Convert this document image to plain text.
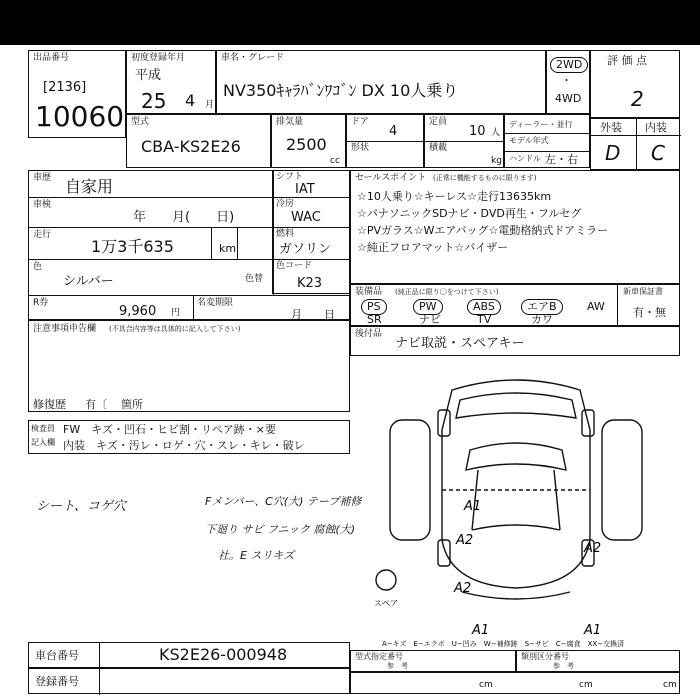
出品番号
[2136]
10060
初度登録年月
平成
25 4 月
車名・グレード
NV350ｷｬﾗﾊﾞﾝﾜｺﾞﾝ DX 10人乗り
2WD
・
4WD
評 価 点
2
外装 内装
D C
型式
CBA-KS2E26
排気量
2500
cc
ドア
4
形状
定員
10 人
積載
kg
ディーラー・並行
モデル年式
ハンドル 左・右
車歴 自家用
車検
年　　月(　　日)
走行
1万3千635	km
色
シルバー	色替
R券
9,960 円
名変期限
月　　日
シフト
IAT
冷房
WAC
燃料
ガソリン
色コード
K23
注意事項申告欄 (不具合内容等は具体的に記入して下さい)
修復歴 有〔 箇所
検査員
記入欄
FW　キズ・凹石・ヒビ割・リペア跡・×要
内装　キズ・汚レ・ロゲ・穴・スレ・キレ・破レ
セールスポイント (正常に機能するものに限ります)
☆10人乗り☆キーレス☆走行13635km
☆パナソニックSDナビ・DVD再生・フルセグ
☆PVガラス☆Wエアバッグ☆電動格納式ドアミラー
☆純正フロアマット☆バイザー
装備品 (純正品に限り〇をつけて下さい)	新車保証書
有・無
PS
SR
PW
ナビ
ABS
TV
エアB
カワ
AW
後付品
ナビ取説・スペアキー
シート、コゲ穴	Fメンバー、C穴(大) テープ補修
下廻り サビ フニック 腐蝕(大)
社。E スリキズ
スペア
A1
A2
A2
A2
A1	A1
A−キズ　E−エクボ　U−凹み　W−補修跡　S−サビ　C−腐食　XX−交換済
車台番号	KS2E26-000948
登録番号
型式指定番号
参　考
類別区分番号
参　考
cm	cm	cm
